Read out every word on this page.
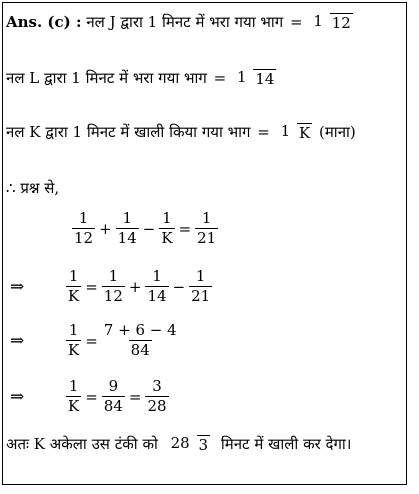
Ans. (c) : नल J द्वारा 1 मिनट में भरा गया भाग = 1 12
नल L द्वारा 1 मिनट में भरा गया भाग = 1 14
नल K द्वारा 1 मिनट में खाली किया गया भाग = 1 K (माना)
∴ प्रश्न से,
$\frac{1}{12} + \frac{1}{14} - \frac{1}{K} = \frac{1}{21}$
⇒	$\frac{1}{K} = \frac{1}{12} + \frac{1}{14} - \frac{1}{21}$
⇒	$\frac{1}{K} = \frac{7 + 6 - 4}{84}$
⇒	$\frac{1}{K} = \frac{9}{84} = \frac{3}{28}$
अतः K अकेला उस टंकी को 28 3 मिनट में खाली कर देगा।
